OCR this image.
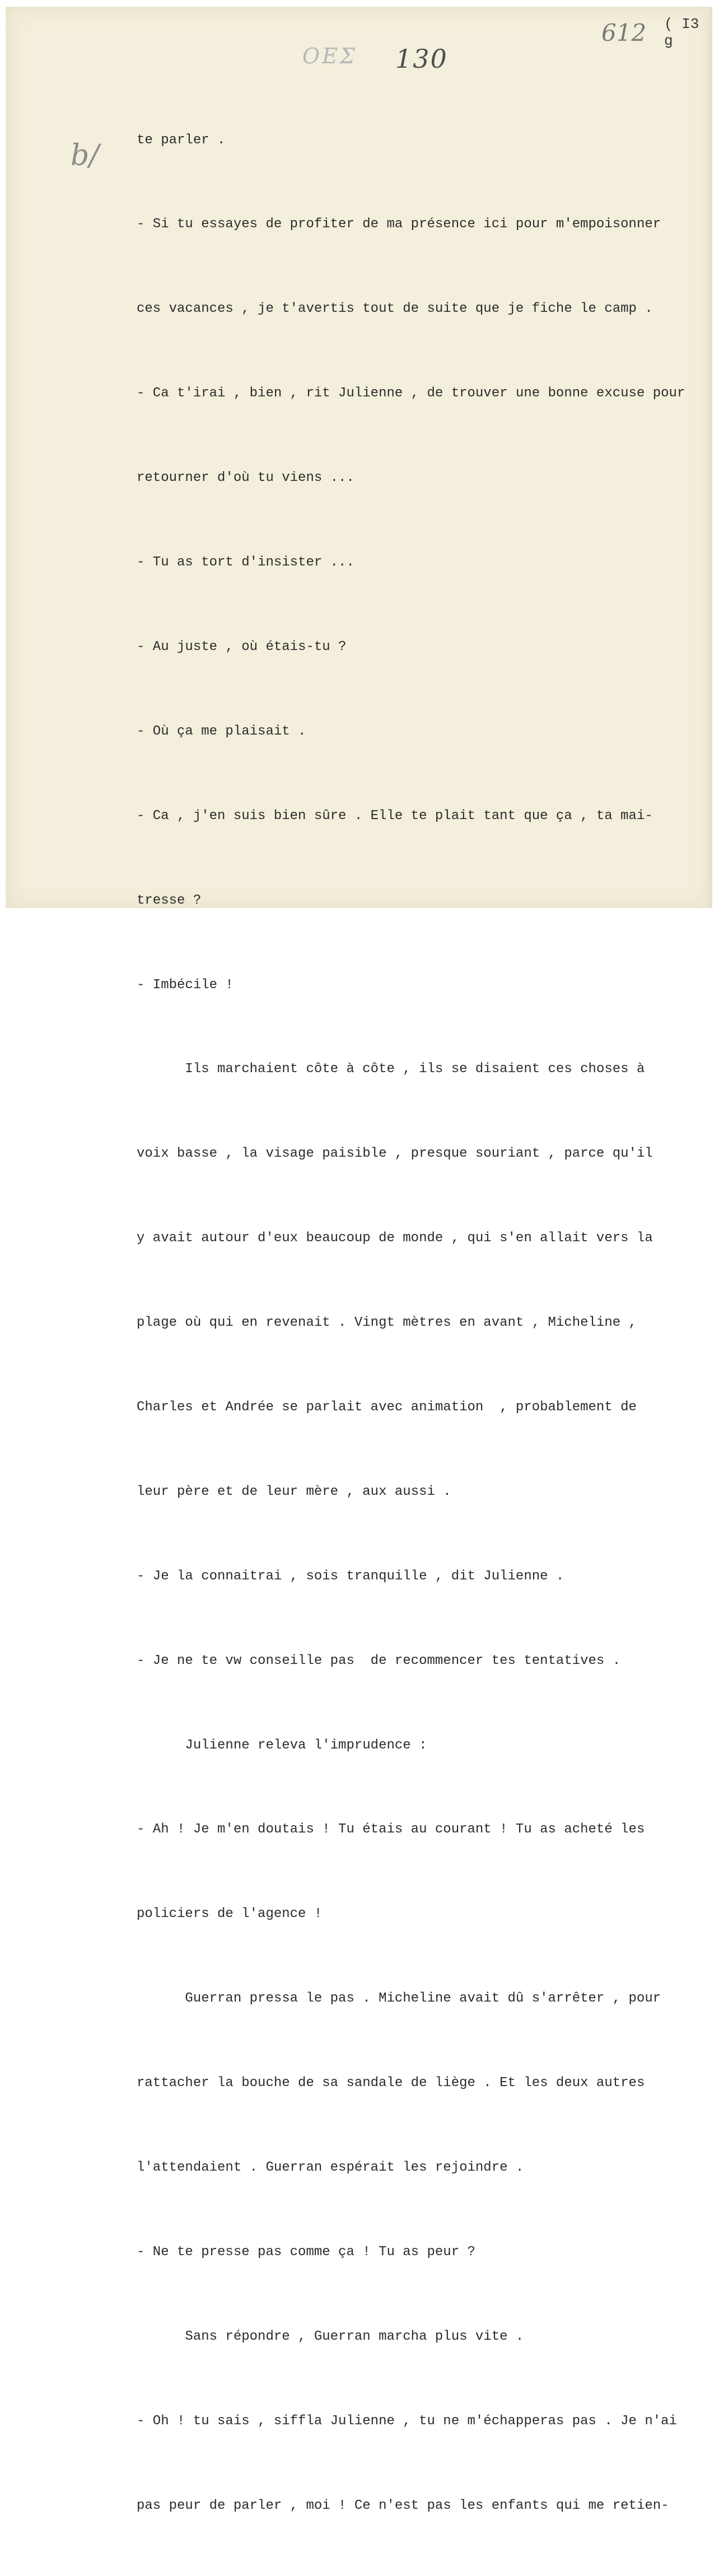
OEΣ 130
612 ( I3 g
b/

	te parler .

- Si tu essayes de profiter de ma présence ici pour m'empoisonner

ces vacances , je t'avertis tout de suite que je fiche le camp .

- Ca t'irai , bien , rit Julienne , de trouver une bonne excuse pour

retourner d'où tu viens ...

- Tu as tort d'insister ...

- Au juste , où étais-tu ?

- Où ça me plaisait .

- Ca , j'en suis bien sûre . Elle te plait tant que ça , ta mai-

tresse ?

- Imbécile !

Ils marchaient côte à côte , ils se disaient ces choses à

voix basse , la visage paisible , presque souriant , parce qu'il

y avait autour d'eux beaucoup de monde , qui s'en allait vers la

plage où qui en revenait . Vingt mètres en avant , Micheline ,

Charles et Andrée se parlait avec animation  , probablement de

leur père et de leur mère , aux aussi .

- Je la connaitrai , sois tranquille , dit Julienne .

- Je ne te vw conseille pas  de recommencer tes tentatives .

Julienne releva l'imprudence :

- Ah ! Je m'en doutais ! Tu étais au courant ! Tu as acheté les

policiers de l'agence !

Guerran pressa le pas . Micheline avait dû s'arrêter , pour

rattacher la bouche de sa sandale de liège . Et les deux autres

l'attendaient . Guerran espérait les rejoindre .

- Ne te presse pas comme ça ! Tu as peur ?

Sans répondre , Guerran marcha plus vite .

- Oh ! tu sais , siffla Julienne , tu ne m'échapperas pas . Je n'ai

pas peur de parler , moi ! Ce n'est pas les enfants qui me retien-
